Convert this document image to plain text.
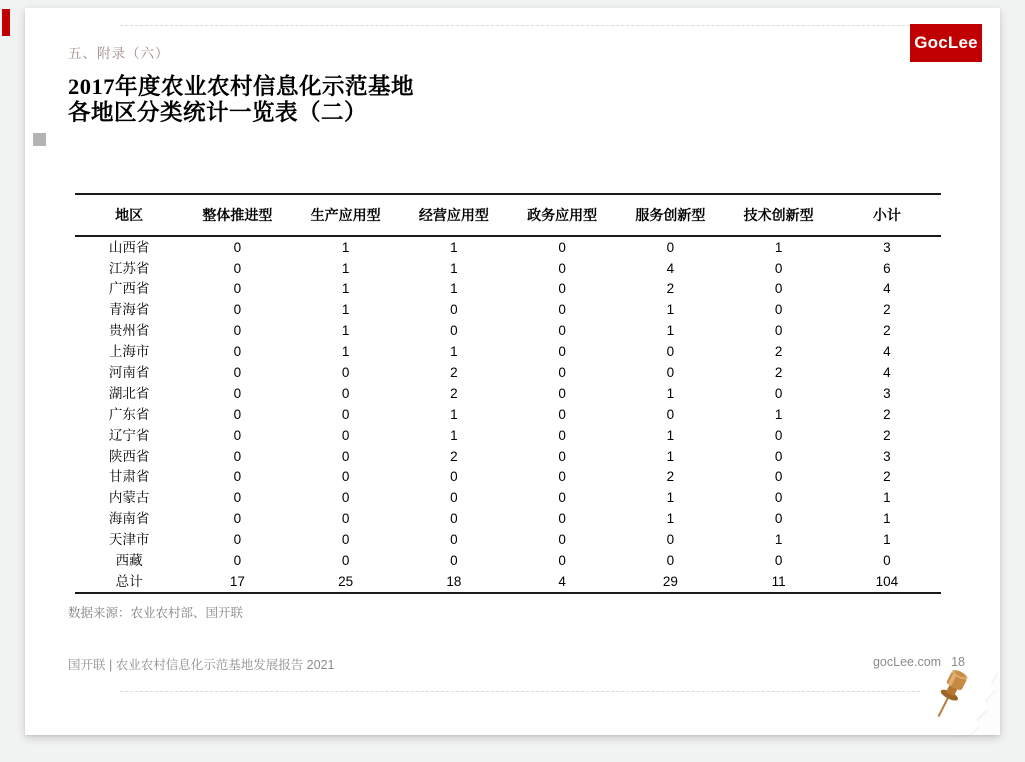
五、附录（六）
2017年度农业农村信息化示范基地
各地区分类统计一览表（二）
GocLee
地区	整体推进型	生产应用型	经营应用型	政务应用型	服务创新型	技术创新型	小计
山西省	0	1	1	0	0	1	3
江苏省	0	1	1	0	4	0	6
广西省	0	1	1	0	2	0	4
青海省	0	1	0	0	1	0	2
贵州省	0	1	0	0	1	0	2
上海市	0	1	1	0	0	2	4
河南省	0	0	2	0	0	2	4
湖北省	0	0	2	0	1	0	3
广东省	0	0	1	0	0	1	2
辽宁省	0	0	1	0	1	0	2
陕西省	0	0	2	0	1	0	3
甘肃省	0	0	0	0	2	0	2
内蒙古	0	0	0	0	1	0	1
海南省	0	0	0	0	1	0	1
天津市	0	0	0	0	0	1	1
西藏	0	0	0	0	0	0	0
总计	17	25	18	4	29	11	104
数据来源：农业农村部、国开联
国开联 | 农业农村信息化示范基地发展报告 2021	gocLee.com 18
